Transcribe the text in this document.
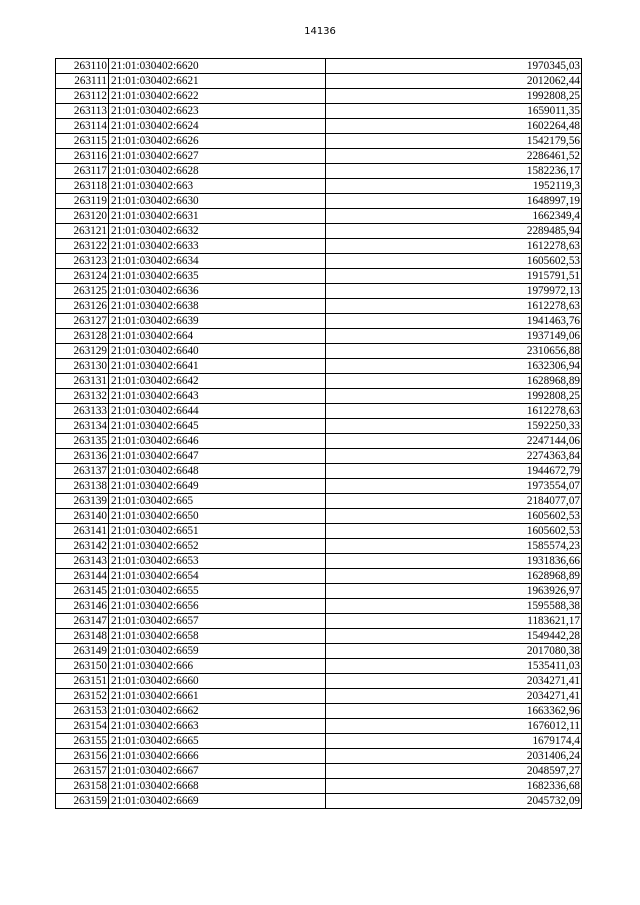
14136
263110	21:01:030402:6620	1970345,03
263111	21:01:030402:6621	2012062,44
263112	21:01:030402:6622	1992808,25
263113	21:01:030402:6623	1659011,35
263114	21:01:030402:6624	1602264,48
263115	21:01:030402:6626	1542179,56
263116	21:01:030402:6627	2286461,52
263117	21:01:030402:6628	1582236,17
263118	21:01:030402:663	1952119,3
263119	21:01:030402:6630	1648997,19
263120	21:01:030402:6631	1662349,4
263121	21:01:030402:6632	2289485,94
263122	21:01:030402:6633	1612278,63
263123	21:01:030402:6634	1605602,53
263124	21:01:030402:6635	1915791,51
263125	21:01:030402:6636	1979972,13
263126	21:01:030402:6638	1612278,63
263127	21:01:030402:6639	1941463,76
263128	21:01:030402:664	1937149,06
263129	21:01:030402:6640	2310656,88
263130	21:01:030402:6641	1632306,94
263131	21:01:030402:6642	1628968,89
263132	21:01:030402:6643	1992808,25
263133	21:01:030402:6644	1612278,63
263134	21:01:030402:6645	1592250,33
263135	21:01:030402:6646	2247144,06
263136	21:01:030402:6647	2274363,84
263137	21:01:030402:6648	1944672,79
263138	21:01:030402:6649	1973554,07
263139	21:01:030402:665	2184077,07
263140	21:01:030402:6650	1605602,53
263141	21:01:030402:6651	1605602,53
263142	21:01:030402:6652	1585574,23
263143	21:01:030402:6653	1931836,66
263144	21:01:030402:6654	1628968,89
263145	21:01:030402:6655	1963926,97
263146	21:01:030402:6656	1595588,38
263147	21:01:030402:6657	1183621,17
263148	21:01:030402:6658	1549442,28
263149	21:01:030402:6659	2017080,38
263150	21:01:030402:666	1535411,03
263151	21:01:030402:6660	2034271,41
263152	21:01:030402:6661	2034271,41
263153	21:01:030402:6662	1663362,96
263154	21:01:030402:6663	1676012,11
263155	21:01:030402:6665	1679174,4
263156	21:01:030402:6666	2031406,24
263157	21:01:030402:6667	2048597,27
263158	21:01:030402:6668	1682336,68
263159	21:01:030402:6669	2045732,09
